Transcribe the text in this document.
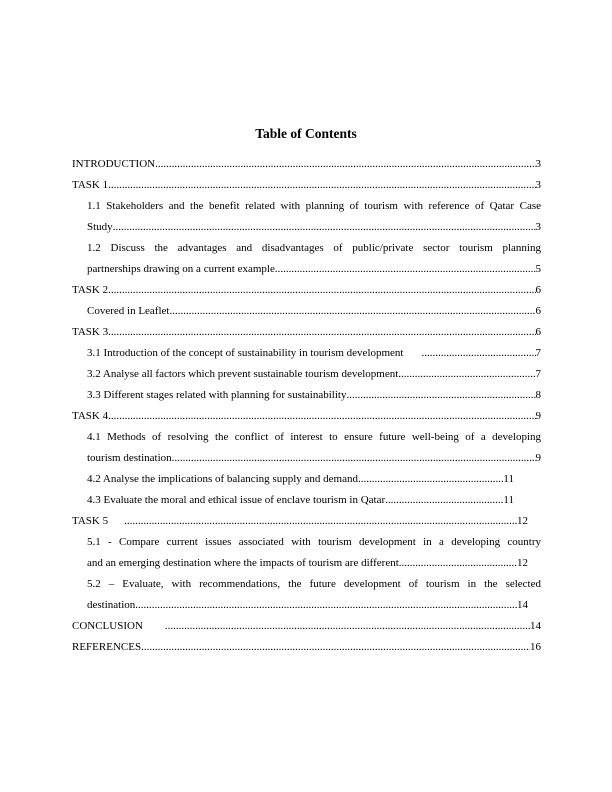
Table of Contents
INTRODUCTION .....	3
TASK 1 .....	3
1.1 Stakeholders and the benefit related with planning of tourism with reference of Qatar Case
Study .....	3
1.2 Discuss the advantages and disadvantages of public/private sector tourism planning
partnerships drawing on a current example .....	5
TASK 2 .....	6
Covered in Leaflet .....	6
TASK 3 .....	6
3.1 Introduction of the concept of sustainability in tourism development .....	7
3.2 Analyse all factors which prevent sustainable tourism development .....	7
3.3 Different stages related with planning for sustainability .....	8
TASK 4 .....	9
4.1 Methods of resolving the conflict of interest to ensure future well-being of a developing
tourism destination .....	9
4.2 Analyse the implications of balancing supply and demand .....	11
4.3 Evaluate the moral and ethical issue of enclave tourism in Qatar .....	11
TASK 5 .....	12
5.1 - Compare current issues associated with tourism development in a developing country
and an emerging destination where the impacts of tourism are different .....	12
5.2 – Evaluate, with recommendations, the future development of tourism in the selected
destination .....	14
CONCLUSION .....	14
REFERENCES .....	16
